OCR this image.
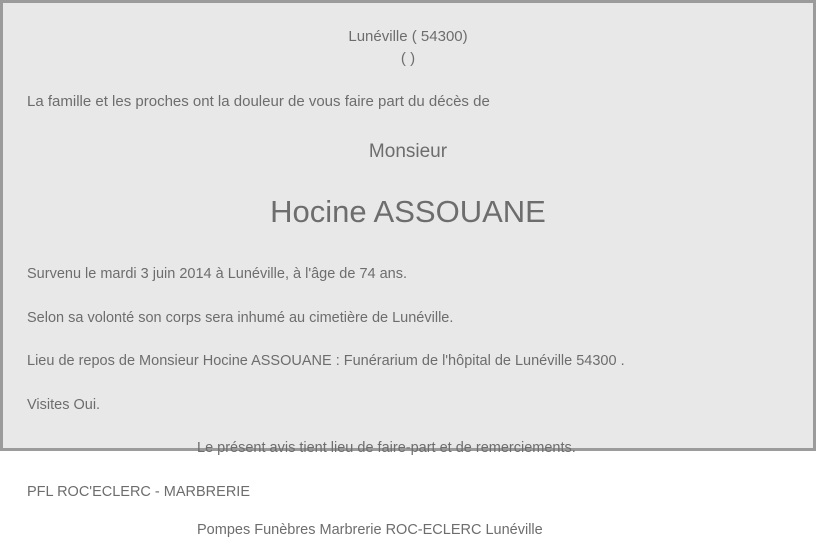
Lunéville ( 54300)
( )
La famille et les proches ont la douleur de vous faire part du décès de
Monsieur
Hocine ASSOUANE
Survenu le mardi 3 juin 2014 à Lunéville, à l'âge de 74 ans.
Selon sa volonté son corps sera inhumé au cimetière de Lunéville.
Lieu de repos de Monsieur Hocine ASSOUANE : Funérarium de l'hôpital de Lunéville 54300 .
Visites Oui.
Le présent avis tient lieu de faire-part et de remerciements.
PFL ROC'ECLERC - MARBRERIE
Pompes Funèbres Marbrerie ROC-ECLERC Lunéville
